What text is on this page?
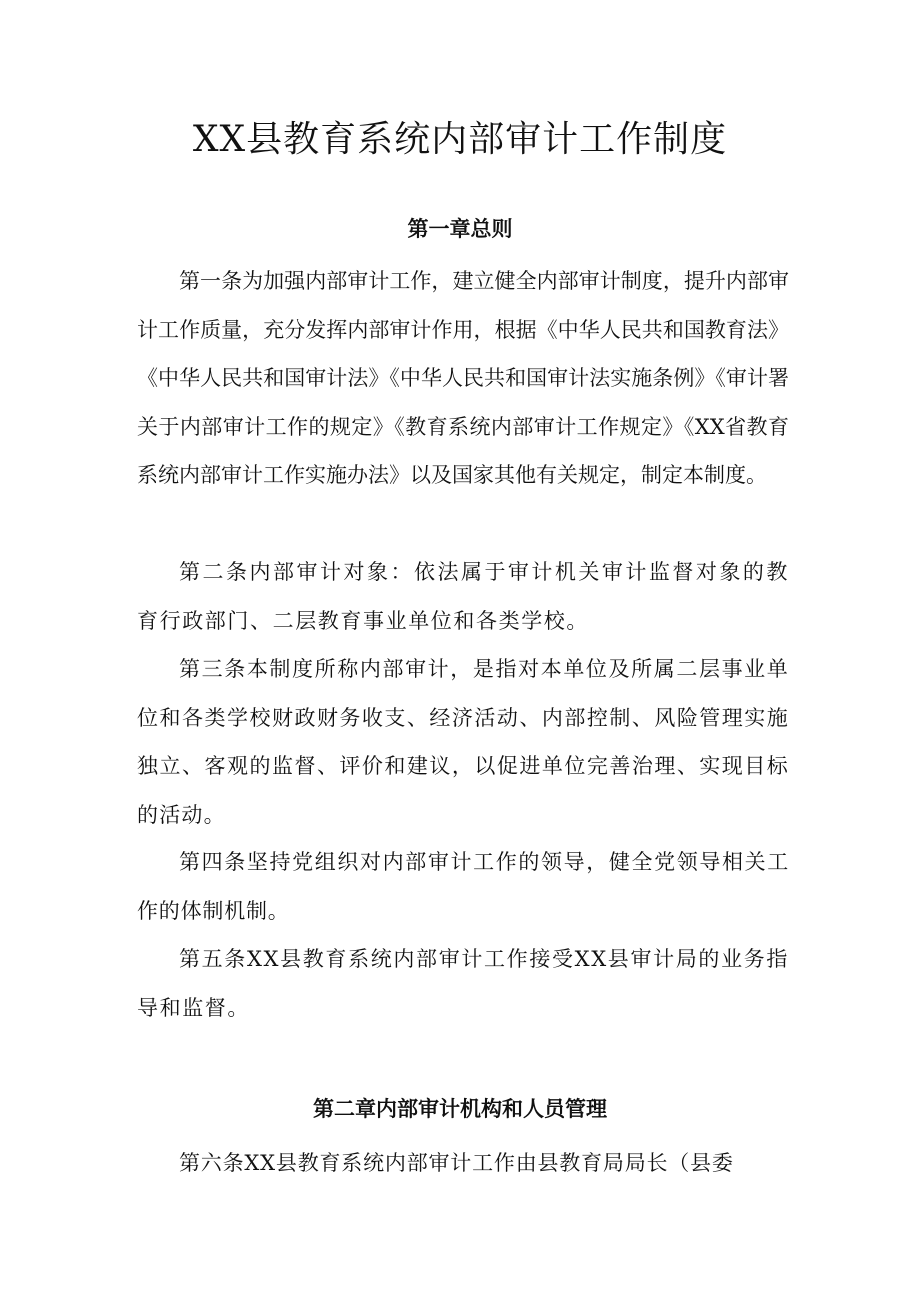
XX县教育系统内部审计工作制度
第一章总则

第一条为加强内部审计工作，建立健全内部审计制度，提升内部审计工作质量，充分发挥内部审计作用，根据《中华人民共和国教育法》《中华人民共和国审计法》《中华人民共和国审计法实施条例》《审计署关于内部审计工作的规定》《教育系统内部审计工作规定》《XX省教育系统内部审计工作实施办法》以及国家其他有关规定，制定本制度。

第二条内部审计对象：依法属于审计机关审计监督对象的教育行政部门、二层教育事业单位和各类学校。

第三条本制度所称内部审计，是指对本单位及所属二层事业单位和各类学校财政财务收支、经济活动、内部控制、风险管理实施独立、客观的监督、评价和建议，以促进单位完善治理、实现目标的活动。

第四条坚持党组织对内部审计工作的领导，健全党领导相关工作的体制机制。

第五条XX县教育系统内部审计工作接受XX县审计局的业务指导和监督。

第二章内部审计机构和人员管理

第六条XX县教育系统内部审计工作由县教育局局长（县委
